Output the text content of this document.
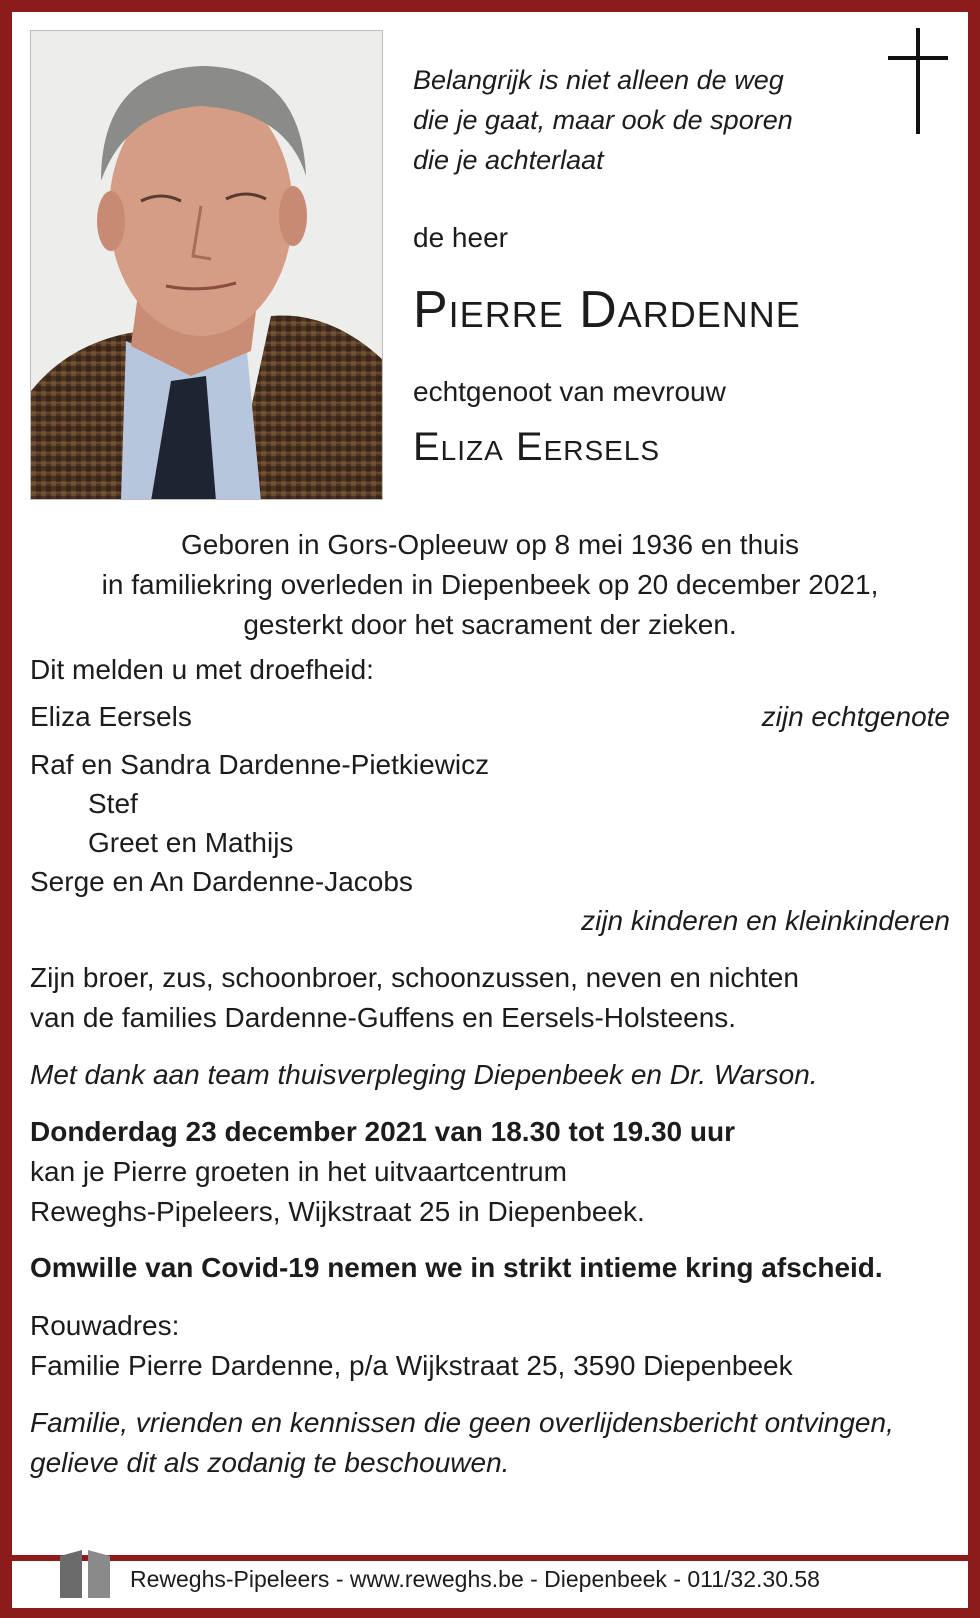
Belangrijk is niet alleen de weg
die je gaat, maar ook de sporen
die je achterlaat
de heer
Pierre Dardenne
echtgenoot van mevrouw
Eliza Eersels
Geboren in Gors-Opleeuw op 8 mei 1936 en thuis
in familiekring overleden in Diepenbeek op 20 december 2021,
gesterkt door het sacrament der zieken.
Dit melden u met droefheid:
Eliza Eersels	zijn echtgenote
Raf en Sandra Dardenne-Pietkiewicz
Stef
Greet en Mathijs
Serge en An Dardenne-Jacobs
zijn kinderen en kleinkinderen
Zijn broer, zus, schoonbroer, schoonzussen, neven en nichten
van de families Dardenne-Guffens en Eersels-Holsteens.
Met dank aan team thuisverpleging Diepenbeek en Dr. Warson.
Donderdag 23 december 2021 van 18.30 tot 19.30 uur
kan je Pierre groeten in het uitvaartcentrum
Reweghs-Pipeleers, Wijkstraat 25 in Diepenbeek.
Omwille van Covid-19 nemen we in strikt intieme kring afscheid.
Rouwadres:
Familie Pierre Dardenne, p/a Wijkstraat 25, 3590 Diepenbeek
Familie, vrienden en kennissen die geen overlijdensbericht ontvingen,
gelieve dit als zodanig te beschouwen.
Reweghs-Pipeleers - www.reweghs.be - Diepenbeek - 011/32.30.58
